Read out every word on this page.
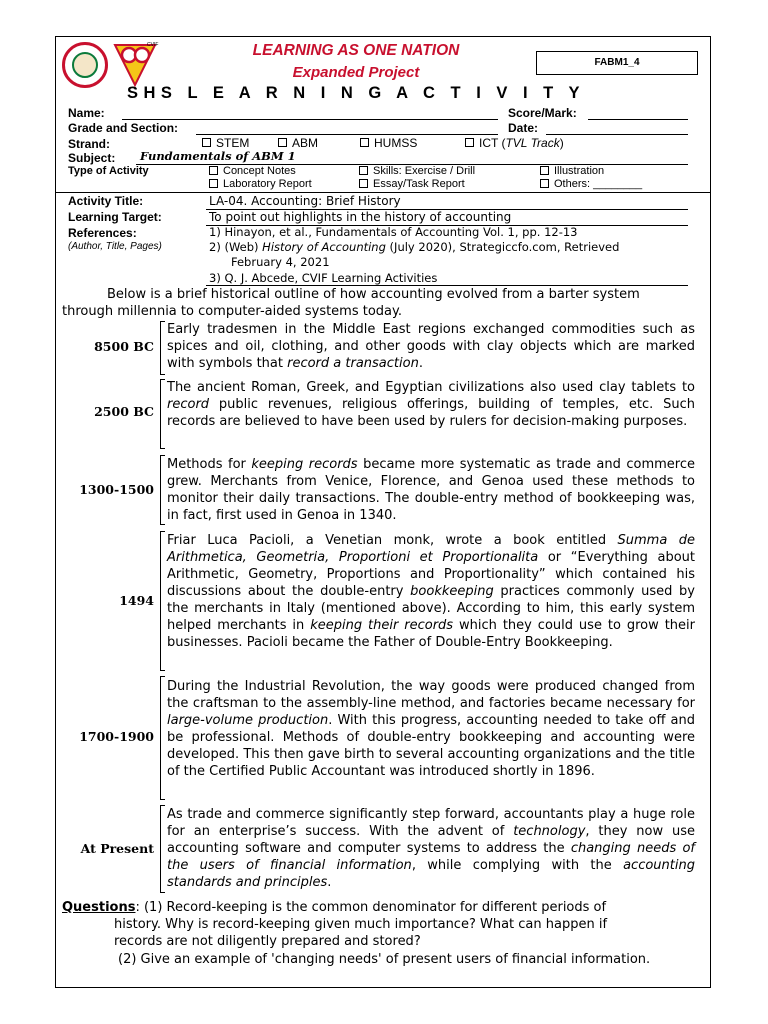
CVIF	LEARNING AS ONE NATION
Expanded Project
SHS L E A R N I N G A C T I V I T Y
FABM1_4
Name:	Score/Mark:
Grade and Section:	Date:
Strand:	STEM	ABM	HUMSS	ICT (TVL Track)
Subject: Fundamentals of ABM 1
Type of Activity	Concept Notes	Skills: Exercise / Drill	Illustration
Laboratory Report	Essay/Task Report	Others: ________
Activity Title:	LA-04. Accounting: Brief History
Learning Target:	To point out highlights in the history of accounting
References:
(Author, Title, Pages)
1) Hinayon, et al., Fundamentals of Accounting Vol. 1, pp. 12-13
2) (Web) History of Accounting (July 2020), Strategiccfo.com, Retrieved
February 4, 2021
3) Q. J. Abcede, CVIF Learning Activities
Below is a brief historical outline of how accounting evolved from a barter system
through millennia to computer-aided systems today.
8500 BC
Early tradesmen in the Middle East regions exchanged commodities such as spices and oil, clothing, and other goods with clay objects which are marked with symbols that record a transaction.
2500 BC
The ancient Roman, Greek, and Egyptian civilizations also used clay tablets to record public revenues, religious offerings, building of temples, etc. Such records are believed to have been used by rulers for decision-making purposes.
1300-1500
Methods for keeping records became more systematic as trade and commerce grew. Merchants from Venice, Florence, and Genoa used these methods to monitor their daily transactions. The double-entry method of bookkeeping was, in fact, first used in Genoa in 1340.
1494
Friar Luca Pacioli, a Venetian monk, wrote a book entitled Summa de Arithmetica, Geometria, Proportioni et Proportionalita or “Everything about Arithmetic, Geometry, Proportions and Proportionality” which contained his discussions about the double-entry bookkeeping practices commonly used by the merchants in Italy (mentioned above). According to him, this early system helped merchants in keeping their records which they could use to grow their businesses. Pacioli became the Father of Double-Entry Bookkeeping.
1700-1900
During the Industrial Revolution, the way goods were produced changed from the craftsman to the assembly-line method, and factories became necessary for large-volume production. With this progress, accounting needed to take off and be professional. Methods of double-entry bookkeeping and accounting were developed. This then gave birth to several accounting organizations and the title of the Certified Public Accountant was introduced shortly in 1896.
At Present
As trade and commerce significantly step forward, accountants play a huge role for an enterprise’s success. With the advent of technology, they now use accounting software and computer systems to address the changing needs of the users of financial information, while complying with the accounting standards and principles.
Questions: (1) Record-keeping is the common denominator for different periods of
history. Why is record-keeping given much importance? What can happen if
records are not diligently prepared and stored?
(2) Give an example of 'changing needs' of present users of financial information.
